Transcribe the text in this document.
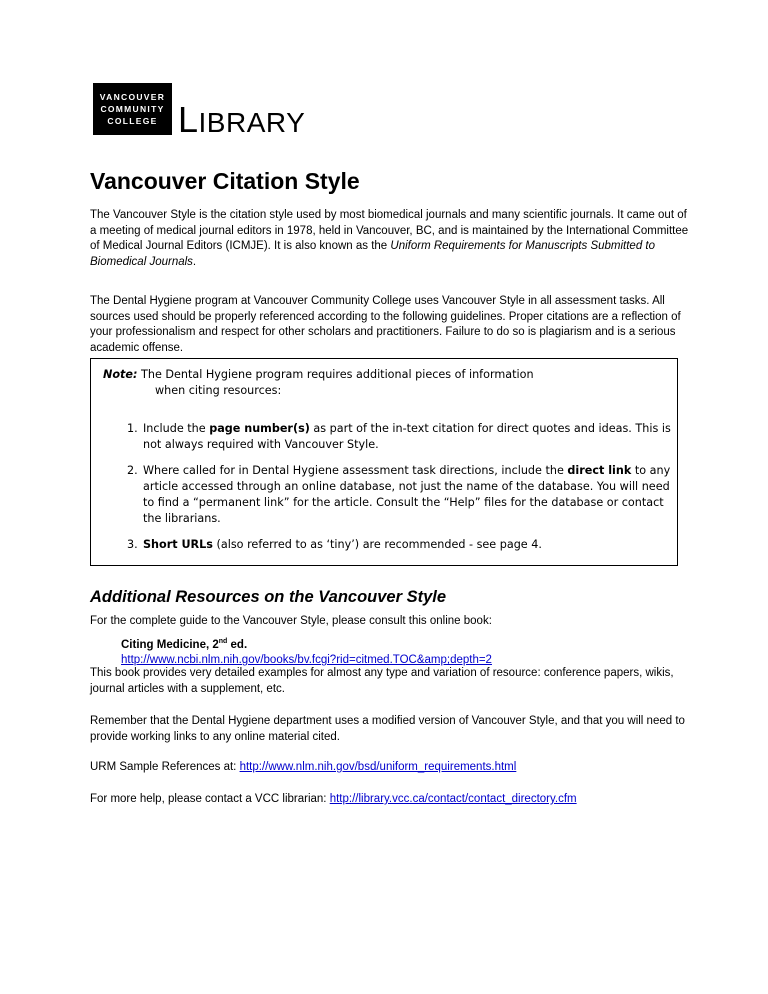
VANCOUVER
COMMUNITY
COLLEGE LIBRARY
Vancouver Citation Style

The Vancouver Style is the citation style used by most biomedical journals and many scientific journals. It came out of a meeting of medical journal editors in 1978, held in Vancouver, BC, and is maintained by the International Committee of Medical Journal Editors (ICMJE). It is also known as the Uniform Requirements for Manuscripts Submitted to Biomedical Journals.

The Dental Hygiene program at Vancouver Community College uses Vancouver Style in all assessment tasks. All sources used should be properly referenced according to the following guidelines. Proper citations are a reflection of your professionalism and respect for other scholars and practitioners. Failure to do so is plagiarism and is a serious academic offense.

Note: The Dental Hygiene program requires additional pieces of information
when citing resources:
1. Include the page number(s) as part of the in-text citation for direct quotes and ideas. This is not always required with Vancouver Style.
2. Where called for in Dental Hygiene assessment task directions, include the direct link to any article accessed through an online database, not just the name of the database. You will need to find a “permanent link” for the article. Consult the “Help” files for the database or contact the librarians.
3. Short URLs (also referred to as ‘tiny’) are recommended - see page 4.
Additional Resources on the Vancouver Style

For the complete guide to the Vancouver Style, please consult this online book:

Citing Medicine, 2nd ed.
http://www.ncbi.nlm.nih.gov/books/bv.fcgi?rid=citmed.TOC&amp;depth=2

This book provides very detailed examples for almost any type and variation of resource: conference papers, wikis, journal articles with a supplement, etc.

Remember that the Dental Hygiene department uses a modified version of Vancouver Style, and that you will need to provide working links to any online material cited.

URM Sample References at: http://www.nlm.nih.gov/bsd/uniform_requirements.html

For more help, please contact a VCC librarian: http://library.vcc.ca/contact/contact_directory.cfm
